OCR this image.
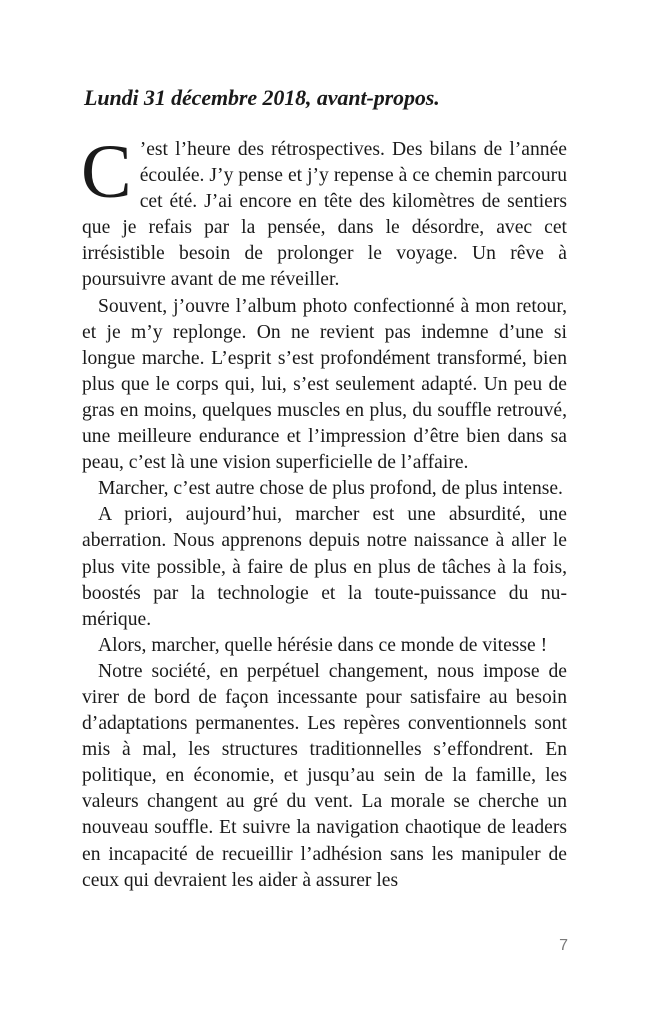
Lundi 31 décembre 2018, avant-propos.

C ’est l’heure des rétrospectives. Des bilans de l’année écoulée. J’y pense et j’y repense à ce chemin parcouru cet été. J’ai encore en tête des kilomètres de sentiers que je refais par la pensée, dans le désordre, avec cet irrésistible besoin de prolonger le voyage. Un rêve à poursuivre avant de me réveiller.

Souvent, j’ouvre l’album photo confectionné à mon retour, et je m’y replonge. On ne revient pas indemne d’une si longue marche. L’esprit s’est profondément transformé, bien plus que le corps qui, lui, s’est seulement adapté. Un peu de gras en moins, quelques muscles en plus, du souffle retrouvé, une meilleure endurance et l’impression d’être bien dans sa peau, c’est là une vision superficielle de l’affaire.

Marcher, c’est autre chose de plus profond, de plus intense.

A priori, aujourd’hui, marcher est une absurdité, une aberration. Nous apprenons depuis notre naissance à aller le plus vite possible, à faire de plus en plus de tâches à la fois, boostés par la technologie et la toute-puissance du numérique.

Alors, marcher, quelle hérésie dans ce monde de vitesse !

Notre société, en perpétuel changement, nous impose de virer de bord de façon incessante pour satisfaire au besoin d’adaptations permanentes. Les repères conventionnels sont mis à mal, les structures traditionnelles s’effondrent. En politique, en économie, et jusqu’au sein de la famille, les valeurs changent au gré du vent. La morale se cherche un nouveau souffle. Et suivre la navigation chaotique de leaders en incapacité de recueillir l’adhésion sans les manipuler de ceux qui devraient les aider à assurer les

7
